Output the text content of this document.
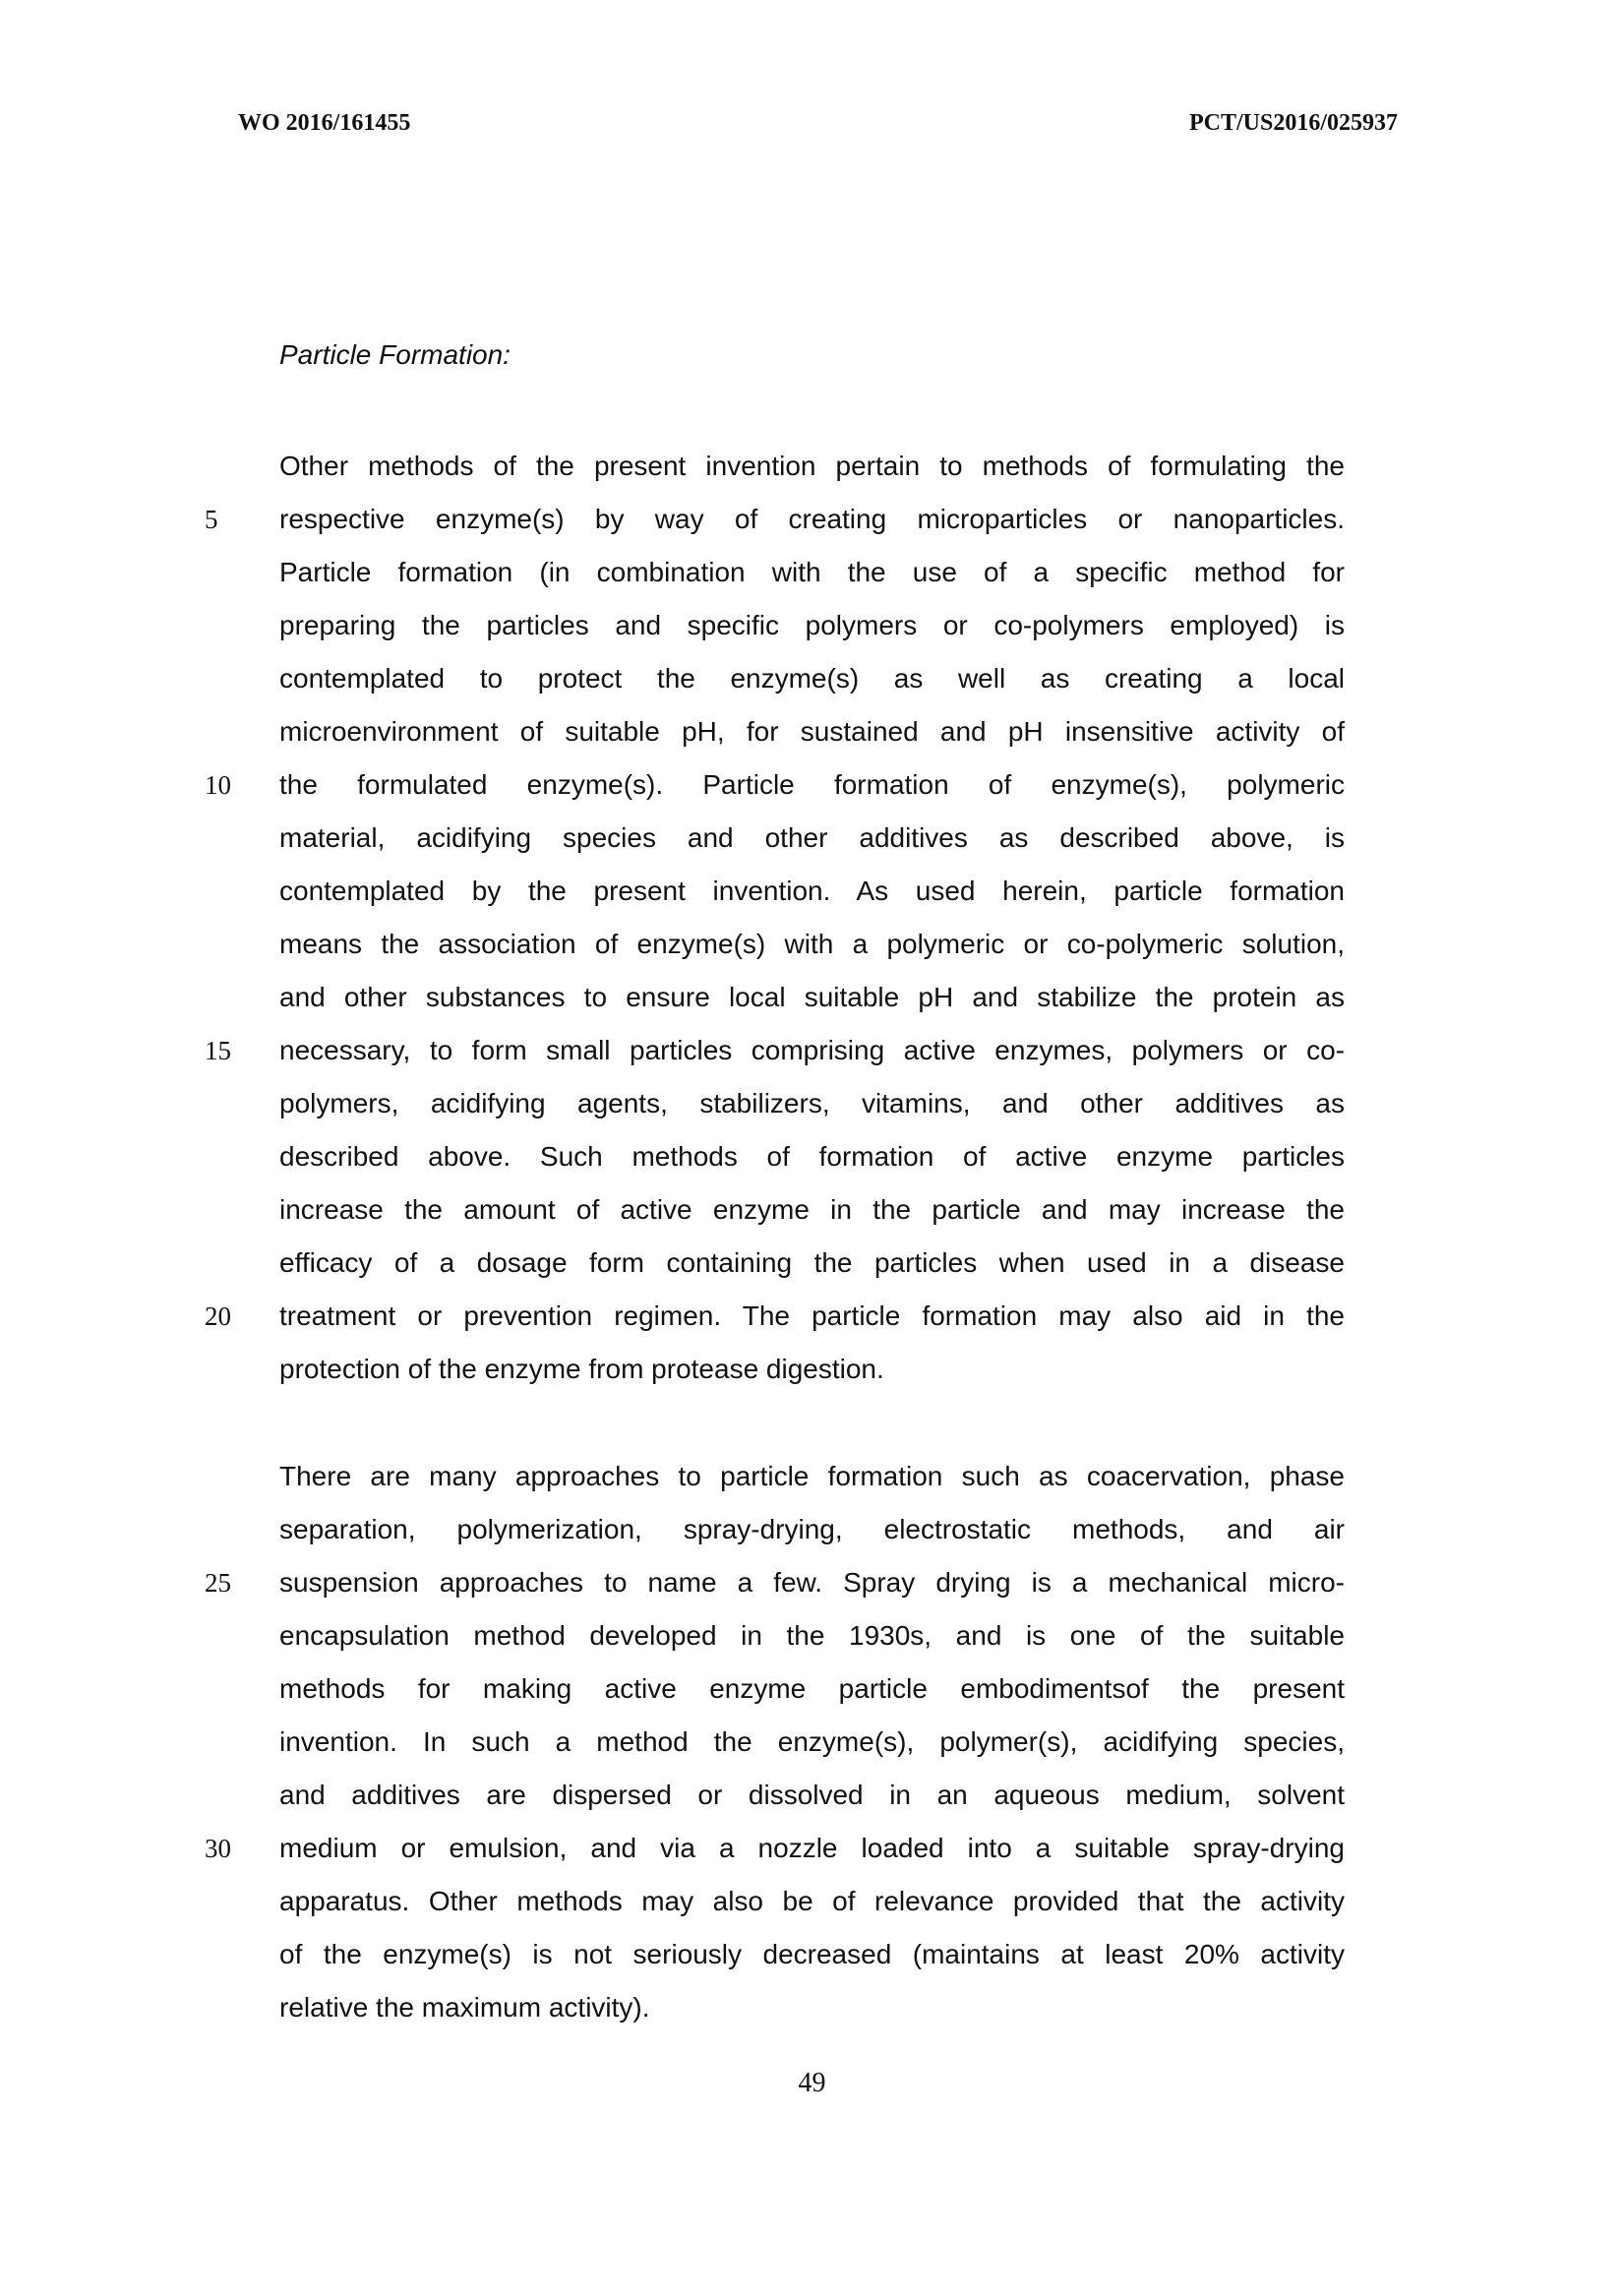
WO 2016/161455	PCT/US2016/025937
Particle Formation:
Other methods of the present invention pertain to methods of formulating the
respective enzyme(s) by way of creating microparticles or nanoparticles.
Particle formation (in combination with the use of a specific method for
preparing the particles and specific polymers or co-polymers employed) is
contemplated to protect the enzyme(s) as well as creating a local
microenvironment of suitable pH, for sustained and pH insensitive activity of
the formulated enzyme(s). Particle formation of enzyme(s), polymeric
material, acidifying species and other additives as described above, is
contemplated by the present invention. As used herein, particle formation
means the association of enzyme(s) with a polymeric or co-polymeric solution,
and other substances to ensure local suitable pH and stabilize the protein as
necessary, to form small particles comprising active enzymes, polymers or co-
polymers, acidifying agents, stabilizers, vitamins, and other additives as
described above. Such methods of formation of active enzyme particles
increase the amount of active enzyme in the particle and may increase the
efficacy of a dosage form containing the particles when used in a disease
treatment or prevention regimen. The particle formation may also aid in the
protection of the enzyme from protease digestion.
There are many approaches to particle formation such as coacervation, phase
separation, polymerization, spray-drying, electrostatic methods, and air
suspension approaches to name a few. Spray drying is a mechanical micro-
encapsulation method developed in the 1930s, and is one of the suitable
methods for making active enzyme particle embodimentsof the present
invention. In such a method the enzyme(s), polymer(s), acidifying species,
and additives are dispersed or dissolved in an aqueous medium, solvent
medium or emulsion, and via a nozzle loaded into a suitable spray-drying
apparatus. Other methods may also be of relevance provided that the activity
of the enzyme(s) is not seriously decreased (maintains at least 20% activity
relative the maximum activity).
5
10
15
20
25
30
49
